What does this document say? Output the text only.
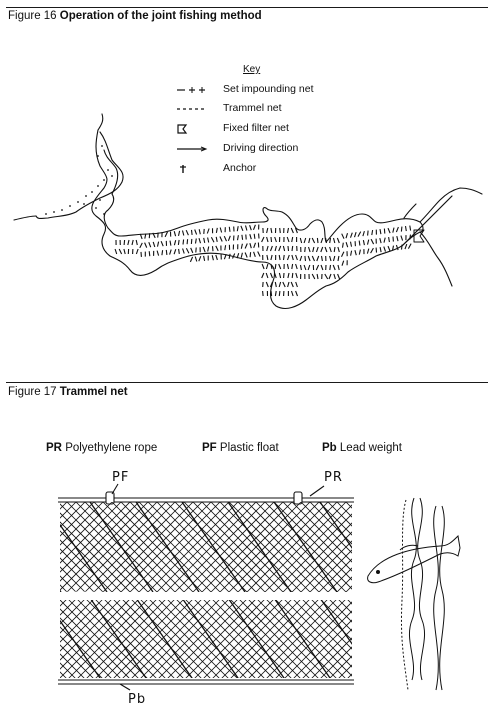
Figure 16 Operation of the joint fishing method
Key
Set impounding net
Trammel net
Fixed filter net
Driving direction
Anchor
Figure 17 Trammel net
PR Polyethylene rope	PF Plastic float	Pb Lead weight
PF	PR
Pb
